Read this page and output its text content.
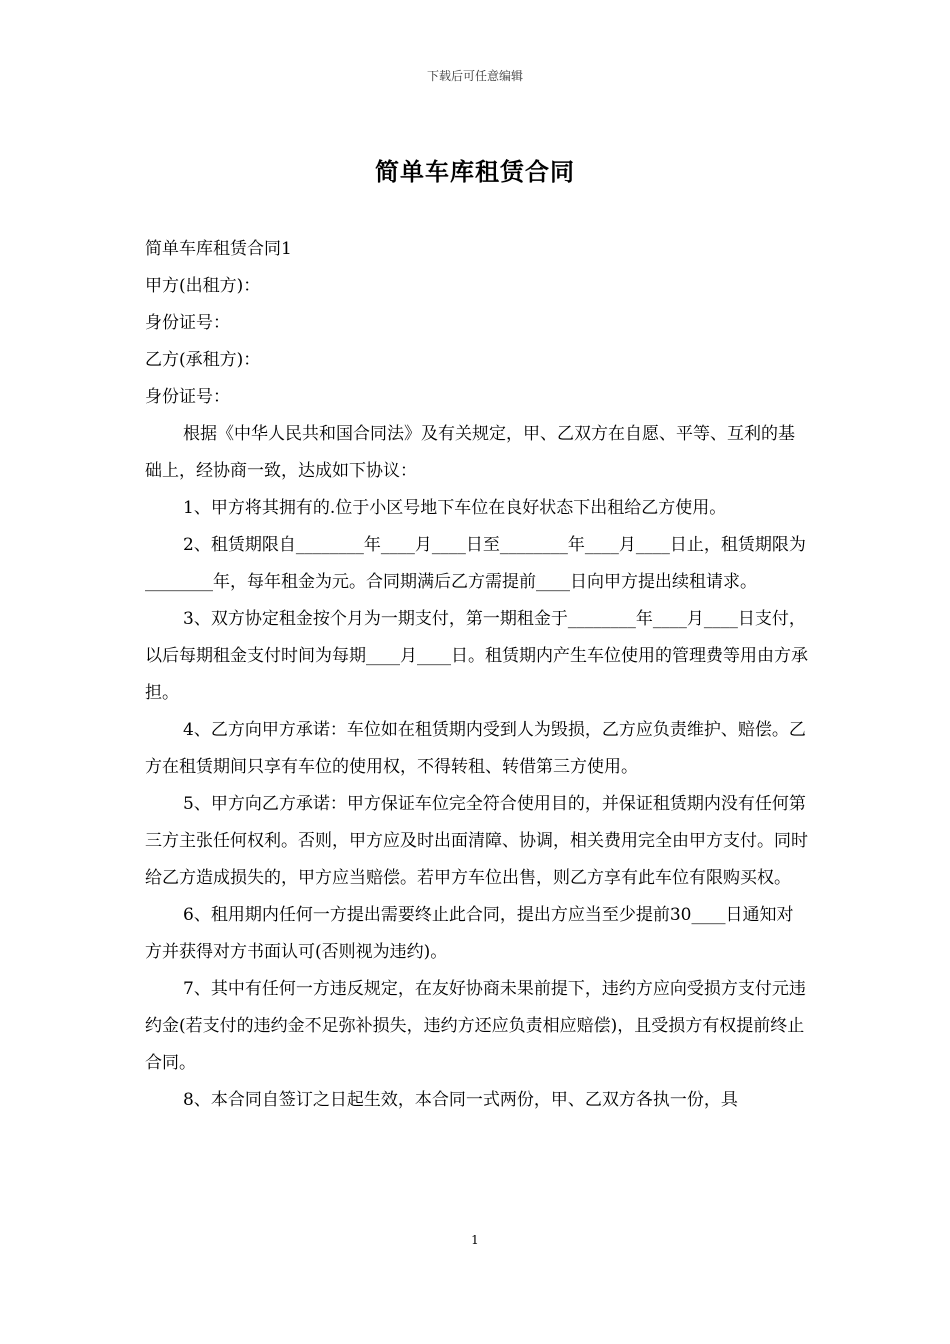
下载后可任意编辑
简单车库租赁合同

简单车库租赁合同1

甲方(出租方)：

身份证号：

乙方(承租方)：

身份证号：

根据《中华人民共和国合同法》及有关规定，甲、乙双方在自愿、平等、互利的基础上，经协商一致，达成如下协议：

1、甲方将其拥有的.位于小区号地下车位在良好状态下出租给乙方使用。

2、租赁期限自________年____月____日至________年____月____日止，租赁期限为________年，每年租金为元。合同期满后乙方需提前____日向甲方提出续租请求。

3、双方协定租金按个月为一期支付，第一期租金于________年____月____日支付，以后每期租金支付时间为每期____月____日。租赁期内产生车位使用的管理费等用由方承担。

4、乙方向甲方承诺：车位如在租赁期内受到人为毁损，乙方应负责维护、赔偿。乙方在租赁期间只享有车位的使用权，不得转租、转借第三方使用。

5、甲方向乙方承诺：甲方保证车位完全符合使用目的，并保证租赁期内没有任何第三方主张任何权利。否则，甲方应及时出面清障、协调，相关费用完全由甲方支付。同时给乙方造成损失的，甲方应当赔偿。若甲方车位出售，则乙方享有此车位有限购买权。

6、租用期内任何一方提出需要终止此合同，提出方应当至少提前30____日通知对方并获得对方书面认可(否则视为违约)。

7、其中有任何一方违反规定，在友好协商未果前提下，违约方应向受损方支付元违约金(若支付的违约金不足弥补损失，违约方还应负责相应赔偿)，且受损方有权提前终止合同。

8、本合同自签订之日起生效，本合同一式两份，甲、乙双方各执一份，具

1
